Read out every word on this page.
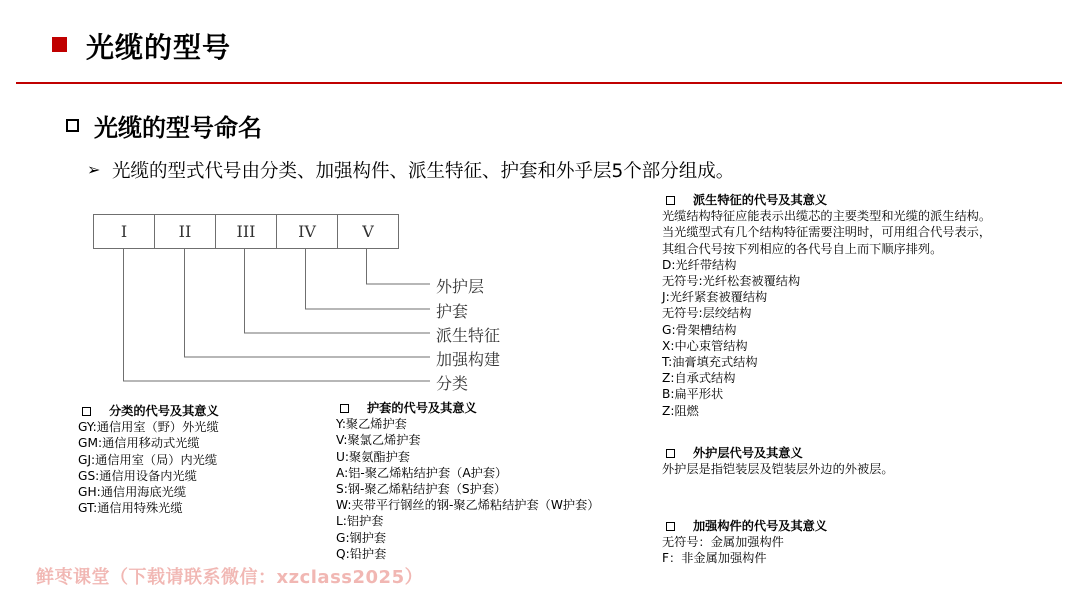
光缆的型号
光缆的型号命名
➢ 光缆的型式代号由分类、加强构件、派生特征、护套和外乎层5个部分组成。
I	II	III	IV	V
外护层
护套
派生特征
加强构建
分类
分类的代号及其意义
GY:通信用室（野）外光缆
GM:通信用移动式光缆
GJ:通信用室（局）内光缆
GS:通信用设备内光缆
GH:通信用海底光缆
GT:通信用特殊光缆
护套的代号及其意义
Y:聚乙烯护套
V:聚氯乙烯护套
U:聚氨酯护套
A:铝-聚乙烯粘结护套（A护套）
S:钢-聚乙烯粘结护套（S护套）
W:夹带平行钢丝的钢-聚乙烯粘结护套（W护套）
L:铝护套
G:钢护套
Q:铅护套
派生特征的代号及其意义
光缆结构特征应能表示出缆芯的主要类型和光缆的派生结构。
当光缆型式有几个结构特征需要注明时，可用组合代号表示，
其组合代号按下列相应的各代号自上而下顺序排列。
D:光纤带结构
无符号:光纤松套被覆结构
J:光纤紧套被覆结构
无符号:层绞结构
G:骨架槽结构
X:中心束管结构
T:油膏填充式结构
Z:自承式结构
B:扁平形状
Z:阻燃
外护层代号及其意义
外护层是指铠装层及铠装层外边的外被层。
加强构件的代号及其意义
无符号：金属加强构件
F：非金属加强构件
鲜枣课堂（下载请联系微信：xzclass2025）
